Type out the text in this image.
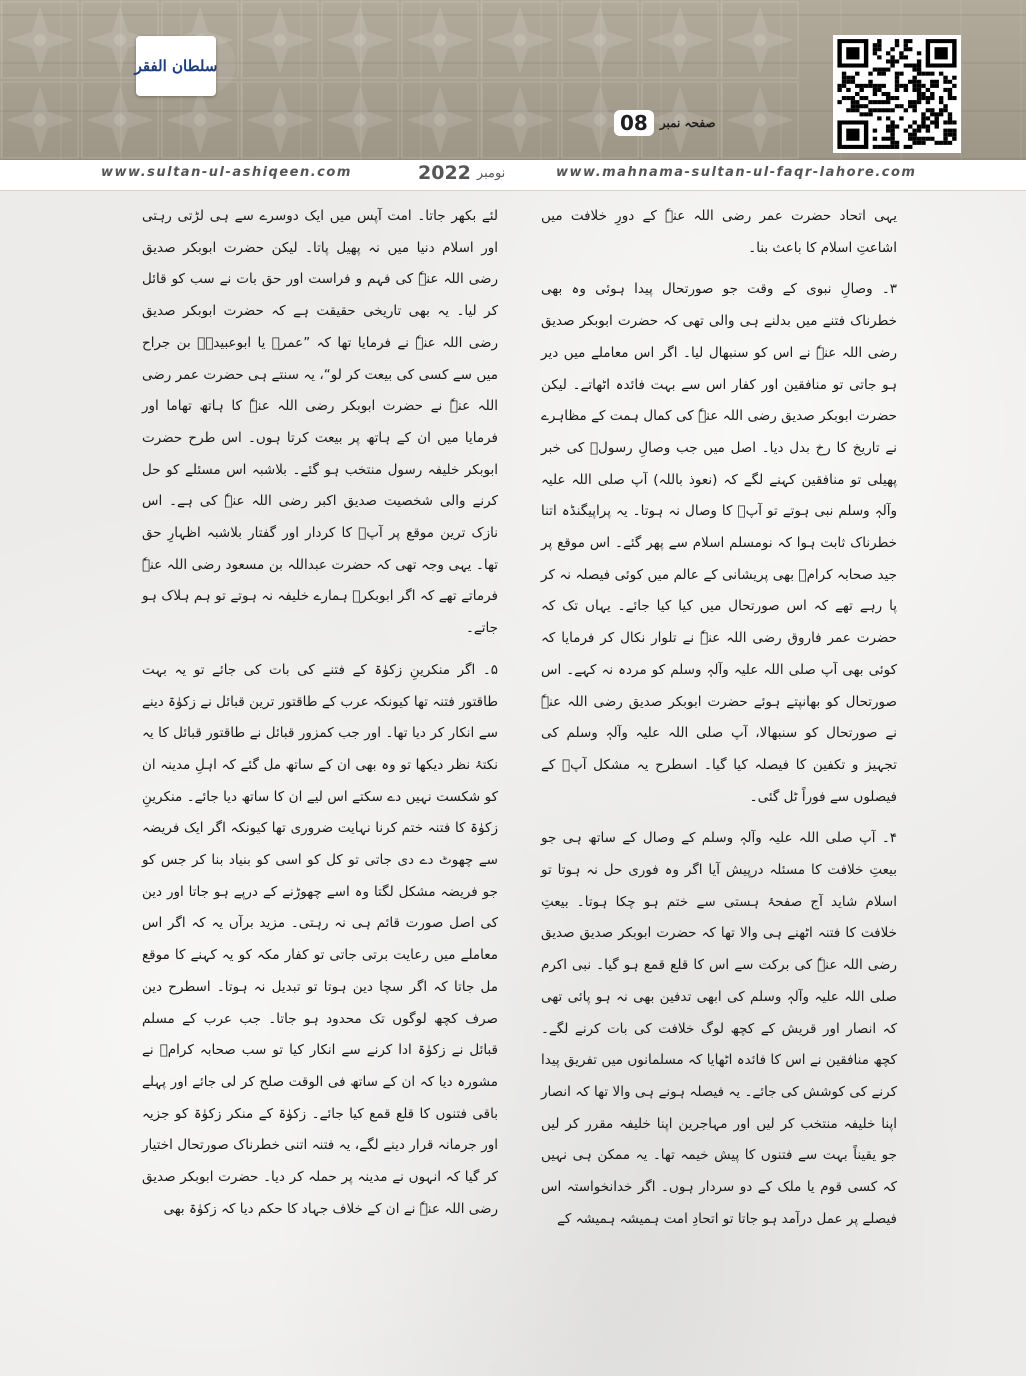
سلطان الفقر
صفحہ نمبر
08
www.sultan-ul-ashiqeen.com	نومبر
2022	www.mahnama-sultan-ul-faqr-lahore.com

یہی اتحاد حضرت عمر رضی اللہ عنہٗ کے دورِ خلافت میں اشاعتِ اسلام کا باعث بنا۔

۳۔ وصالِ نبوی کے وقت جو صورتحال پیدا ہوئی وہ بھی خطرناک فتنے میں بدلنے ہی والی تھی کہ حضرت ابوبکر صدیق رضی اللہ عنہٗ نے اس کو سنبھال لیا۔ اگر اس معاملے میں دیر ہو جاتی تو منافقین اور کفار اس سے بہت فائدہ اٹھاتے۔ لیکن حضرت ابوبکر صدیق رضی اللہ عنہٗ کی کمال ہمت کے مظاہرے نے تاریخ کا رخ بدل دیا۔ اصل میں جب وصالِ رسولؐ کی خبر پھیلی تو منافقین کہنے لگے کہ (نعوذ باللہ) آپ صلی اللہ علیہ وآلہٖ وسلم نبی ہوتے تو آپؐ کا وصال نہ ہوتا۔ یہ پراپیگنڈہ اتنا خطرناک ثابت ہوا کہ نومسلم اسلام سے پھر گئے۔ اس موقع پر جید صحابہ کرامؓ بھی پریشانی کے عالم میں کوئی فیصلہ نہ کر پا رہے تھے کہ اس صورتحال میں کیا کیا جائے۔ یہاں تک کہ حضرت عمر فاروق رضی اللہ عنہٗ نے تلوار نکال کر فرمایا کہ کوئی بھی آپ صلی اللہ علیہ وآلہٖ وسلم کو مردہ نہ کہے۔ اس صورتحال کو بھانپتے ہوئے حضرت ابوبکر صدیق رضی اللہ عنہٗ نے صورتحال کو سنبھالا، آپ صلی اللہ علیہ وآلہٖ وسلم کی تجہیز و تکفین کا فیصلہ کیا گیا۔ اسطرح یہ مشکل آپؓ کے فیصلوں سے فوراً ٹل گئی۔

۴۔ آپ صلی اللہ علیہ وآلہٖ وسلم کے وصال کے ساتھ ہی جو بیعتِ خلافت کا مسئلہ درپیش آیا اگر وہ فوری حل نہ ہوتا تو اسلام شاید آج صفحۂ ہستی سے ختم ہو چکا ہوتا۔ بیعتِ خلافت کا فتنہ اٹھنے ہی والا تھا کہ حضرت ابوبکر صدیق صدیق رضی اللہ عنہٗ کی برکت سے اس کا قلع قمع ہو گیا۔ نبی اکرم صلی اللہ علیہ وآلہٖ وسلم کی ابھی تدفین بھی نہ ہو پائی تھی کہ انصار اور قریش کے کچھ لوگ خلافت کی بات کرنے لگے۔ کچھ منافقین نے اس کا فائدہ اٹھایا کہ مسلمانوں میں تفریق پیدا کرنے کی کوشش کی جائے۔ یہ فیصلہ ہونے ہی والا تھا کہ انصار اپنا خلیفہ منتخب کر لیں اور مہاجرین اپنا خلیفہ مقرر کر لیں جو یقیناً بہت سے فتنوں کا پیش خیمہ تھا۔ یہ ممکن ہی نہیں کہ کسی قوم یا ملک کے دو سردار ہوں۔ اگر خدانخواستہ اس فیصلے پر عمل درآمد ہو جاتا تو اتحادِ امت ہمیشہ ہمیشہ کے

لئے بکھر جاتا۔ امت آپس میں ایک دوسرے سے ہی لڑتی رہتی اور اسلام دنیا میں نہ پھیل پاتا۔ لیکن حضرت ابوبکر صدیق رضی اللہ عنہٗ کی فہم و فراست اور حق بات نے سب کو قائل کر لیا۔ یہ بھی تاریخی حقیقت ہے کہ حضرت ابوبکر صدیق رضی اللہ عنہٗ نے فرمایا تھا کہ ”عمرؓ یا ابوعبیدہؓ بن جراح میں سے کسی کی بیعت کر لو“، یہ سنتے ہی حضرت عمر رضی اللہ عنہٗ نے حضرت ابوبکر رضی اللہ عنہٗ کا ہاتھ تھاما اور فرمایا میں ان کے ہاتھ پر بیعت کرتا ہوں۔ اس طرح حضرت ابوبکر خلیفہ رسول منتخب ہو گئے۔ بلاشبہ اس مسئلے کو حل کرنے والی شخصیت صدیق اکبر رضی اللہ عنہٗ کی ہے۔ اس نازک ترین موقع پر آپؓ کا کردار اور گفتار بلاشبہ اظہارِ حق تھا۔ یہی وجہ تھی کہ حضرت عبداللہ بن مسعود رضی اللہ عنہٗ فرماتے تھے کہ اگر ابوبکرؓ ہمارے خلیفہ نہ ہوتے تو ہم ہلاک ہو جاتے۔

۵۔ اگر منکرینِ زکوٰۃ کے فتنے کی بات کی جائے تو یہ بہت طاقتور فتنہ تھا کیونکہ عرب کے طاقتور ترین قبائل نے زکوٰۃ دینے سے انکار کر دیا تھا۔ اور جب کمزور قبائل نے طاقتور قبائل کا یہ نکتۂ نظر دیکھا تو وہ بھی ان کے ساتھ مل گئے کہ اہلِ مدینہ ان کو شکست نہیں دے سکتے اس لیے ان کا ساتھ دیا جائے۔ منکرینِ زکوٰۃ کا فتنہ ختم کرنا نہایت ضروری تھا کیونکہ اگر ایک فریضہ سے چھوٹ دے دی جاتی تو کل کو اسی کو بنیاد بنا کر جس کو جو فریضہ مشکل لگتا وہ اسے چھوڑنے کے درپے ہو جاتا اور دین کی اصل صورت قائم ہی نہ رہتی۔ مزید برآں یہ کہ اگر اس معاملے میں رعایت برتی جاتی تو کفار مکہ کو یہ کہنے کا موقع مل جاتا کہ اگر سچا دین ہوتا تو تبدیل نہ ہوتا۔ اسطرح دین صرف کچھ لوگوں تک محدود ہو جاتا۔ جب عرب کے مسلم قبائل نے زکوٰۃ ادا کرنے سے انکار کیا تو سب صحابہ کرامؓ نے مشورہ دیا کہ ان کے ساتھ فی الوقت صلح کر لی جائے اور پہلے باقی فتنوں کا قلع قمع کیا جائے۔ زکوٰۃ کے منکر زکوٰۃ کو جزیہ اور جرمانہ قرار دینے لگے، یہ فتنہ اتنی خطرناک صورتحال اختیار کر گیا کہ انہوں نے مدینہ پر حملہ کر دیا۔ حضرت ابوبکر صدیق رضی اللہ عنہٗ نے ان کے خلاف جہاد کا حکم دیا کہ زکوٰۃ بھی
